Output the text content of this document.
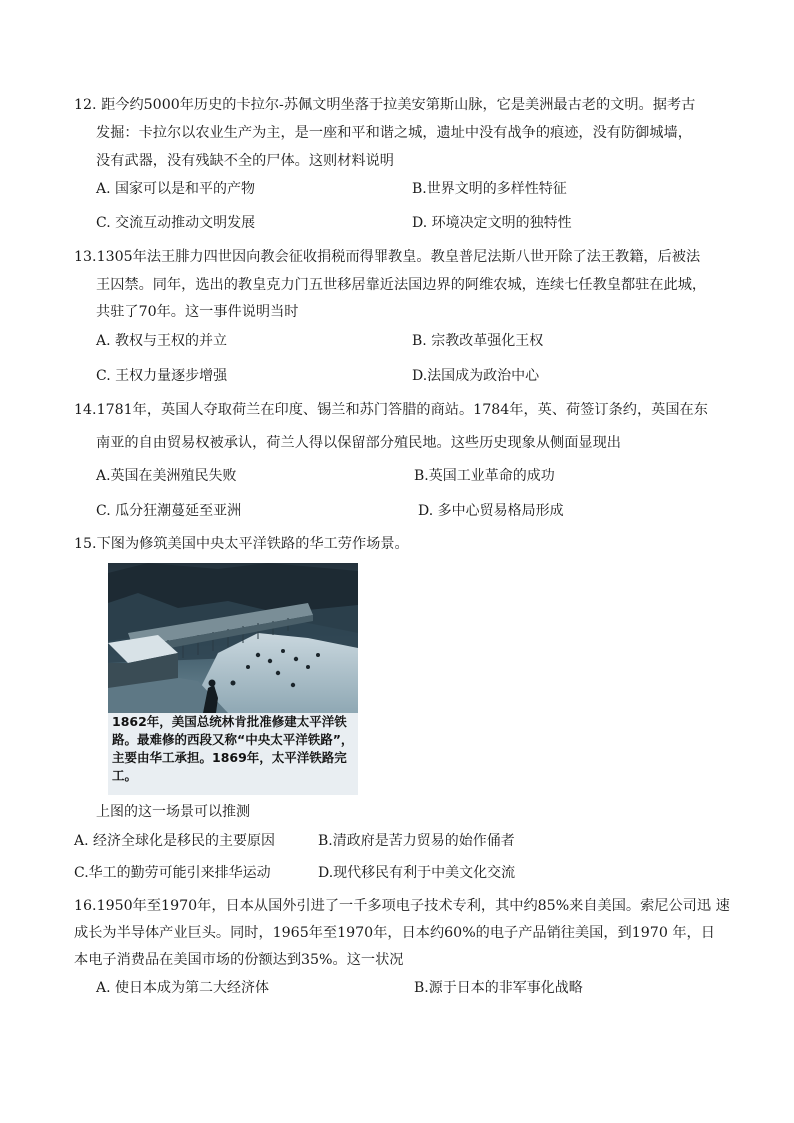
12. 距今约5000年历史的卡拉尔-苏佩文明坐落于拉美安第斯山脉，它是美洲最古老的文明。据考古
发掘：卡拉尔以农业生产为主，是一座和平和谐之城，遗址中没有战争的痕迹，没有防御城墙，
没有武器，没有残缺不全的尸体。这则材料说明
A. 国家可以是和平的产物	B.世界文明的多样性特征
C. 交流互动推动文明发展	D. 环境决定文明的独特性
13.1305年法王腓力四世因向教会征收捐税而得罪教皇。教皇普尼法斯八世开除了法王教籍，后被法
王囚禁。同年，选出的教皇克力门五世移居靠近法国边界的阿维农城，连续七任教皇都驻在此城，
共驻了70年。这一事件说明当时
A. 教权与王权的并立	B. 宗教改革强化王权
C. 王权力量逐步增强	D.法国成为政治中心
14.1781年，英国人夺取荷兰在印度、锡兰和苏门答腊的商站。1784年，英、荷签订条约，英国在东
南亚的自由贸易权被承认，荷兰人得以保留部分殖民地。这些历史现象从侧面显现出
A.英国在美洲殖民失败	B.英国工业革命的成功
C. 瓜分狂潮蔓延至亚洲	D. 多中心贸易格局形成
15.下图为修筑美国中央太平洋铁路的华工劳作场景。
1862年，美国总统林肯批准修建太平洋铁路。最难修的西段又称“中央太平洋铁路”，主要由华工承担。1869年，太平洋铁路完工。
上图的这一场景可以推测
A. 经济全球化是移民的主要原因	B.清政府是苦力贸易的始作俑者
C.华工的勤劳可能引来排华运动	D.现代移民有利于中美文化交流
16.1950年至1970年，日本从国外引进了一千多项电子技术专利，其中约85%来自美国。索尼公司迅 速
成长为半导体产业巨头。同时，1965年至1970年，日本约60%的电子产品销往美国，到1970 年，日
本电子消费品在美国市场的份额达到35%。这一状况
A. 使日本成为第二大经济体	B.源于日本的非军事化战略
